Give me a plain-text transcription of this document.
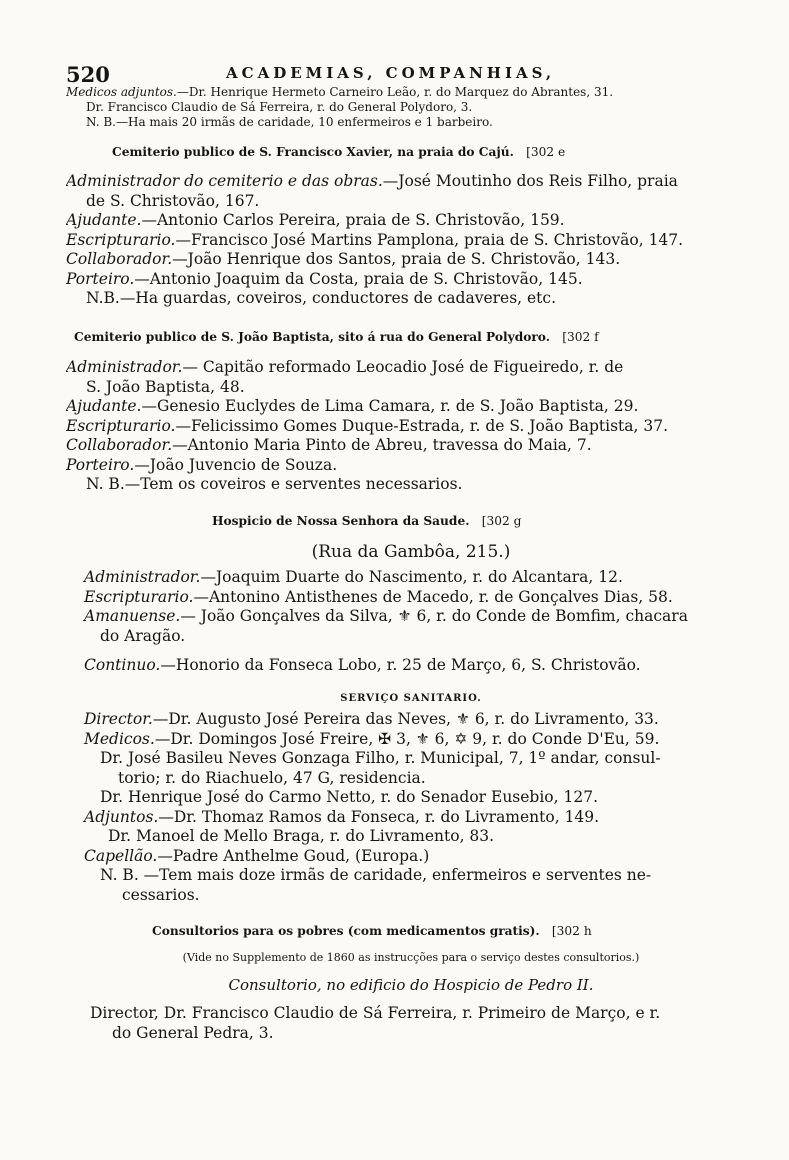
520	ACADEMIAS, COMPANHIAS,
Medicos adjuntos.—Dr. Henrique Hermeto Carneiro Leão, r. do Marquez do Abrantes, 31.
Dr. Francisco Claudio de Sá Ferreira, r. do General Polydoro, 3.
N. B.—Ha mais 20 irmãs de caridade, 10 enfermeiros e 1 barbeiro.
Cemiterio publico de S. Francisco Xavier, na praia do Cajú. [302 e
Administrador do cemiterio e das obras.—José Moutinho dos Reis Filho, praia
de S. Christovão, 167.
Ajudante.—Antonio Carlos Pereira, praia de S. Christovão, 159.
Escripturario.—Francisco José Martins Pamplona, praia de S. Christovão, 147.
Collaborador.—João Henrique dos Santos, praia de S. Christovão, 143.
Porteiro.—Antonio Joaquim da Costa, praia de S. Christovão, 145.
N.B.—Ha guardas, coveiros, conductores de cadaveres, etc.
Cemiterio publico de S. João Baptista, sito á rua do General Polydoro. [302 f
Administrador.— Capitão reformado Leocadio José de Figueiredo, r. de
S. João Baptista, 48.
Ajudante.—Genesio Euclydes de Lima Camara, r. de S. João Baptista, 29.
Escripturario.—Felicissimo Gomes Duque-Estrada, r. de S. João Baptista, 37.
Collaborador.—Antonio Maria Pinto de Abreu, travessa do Maia, 7.
Porteiro.—João Juvencio de Souza.
N. B.—Tem os coveiros e serventes necessarios.
Hospicio de Nossa Senhora da Saude. [302 g
(Rua da Gambôa, 215.)
Administrador.—Joaquim Duarte do Nascimento, r. do Alcantara, 12.
Escripturario.—Antonino Antisthenes de Macedo, r. de Gonçalves Dias, 58.
Amanuense.— João Gonçalves da Silva, ⚜ 6, r. do Conde de Bomfim, chacara
do Aragão.
Continuo.—Honorio da Fonseca Lobo, r. 25 de Março, 6, S. Christovão.
SERVIÇO SANITARIO.
Director.—Dr. Augusto José Pereira das Neves, ⚜ 6, r. do Livramento, 33.
Medicos.—Dr. Domingos José Freire, ✠ 3, ⚜ 6, ✡ 9, r. do Conde D'Eu, 59.
Dr. José Basileu Neves Gonzaga Filho, r. Municipal, 7, 1º andar, consul-
torio; r. do Riachuelo, 47 G, residencia.
Dr. Henrique José do Carmo Netto, r. do Senador Eusebio, 127.
Adjuntos.—Dr. Thomaz Ramos da Fonseca, r. do Livramento, 149.
Dr. Manoel de Mello Braga, r. do Livramento, 83.
Capellão.—Padre Anthelme Goud, (Europa.)
N. B. —Tem mais doze irmãs de caridade, enfermeiros e serventes ne-
cessarios.
Consultorios para os pobres (com medicamentos gratis). [302 h
(Vide no Supplemento de 1860 as instrucções para o serviço destes consultorios.)
Consultorio, no edificio do Hospicio de Pedro II.
Director, Dr. Francisco Claudio de Sá Ferreira, r. Primeiro de Março, e r.
do General Pedra, 3.
